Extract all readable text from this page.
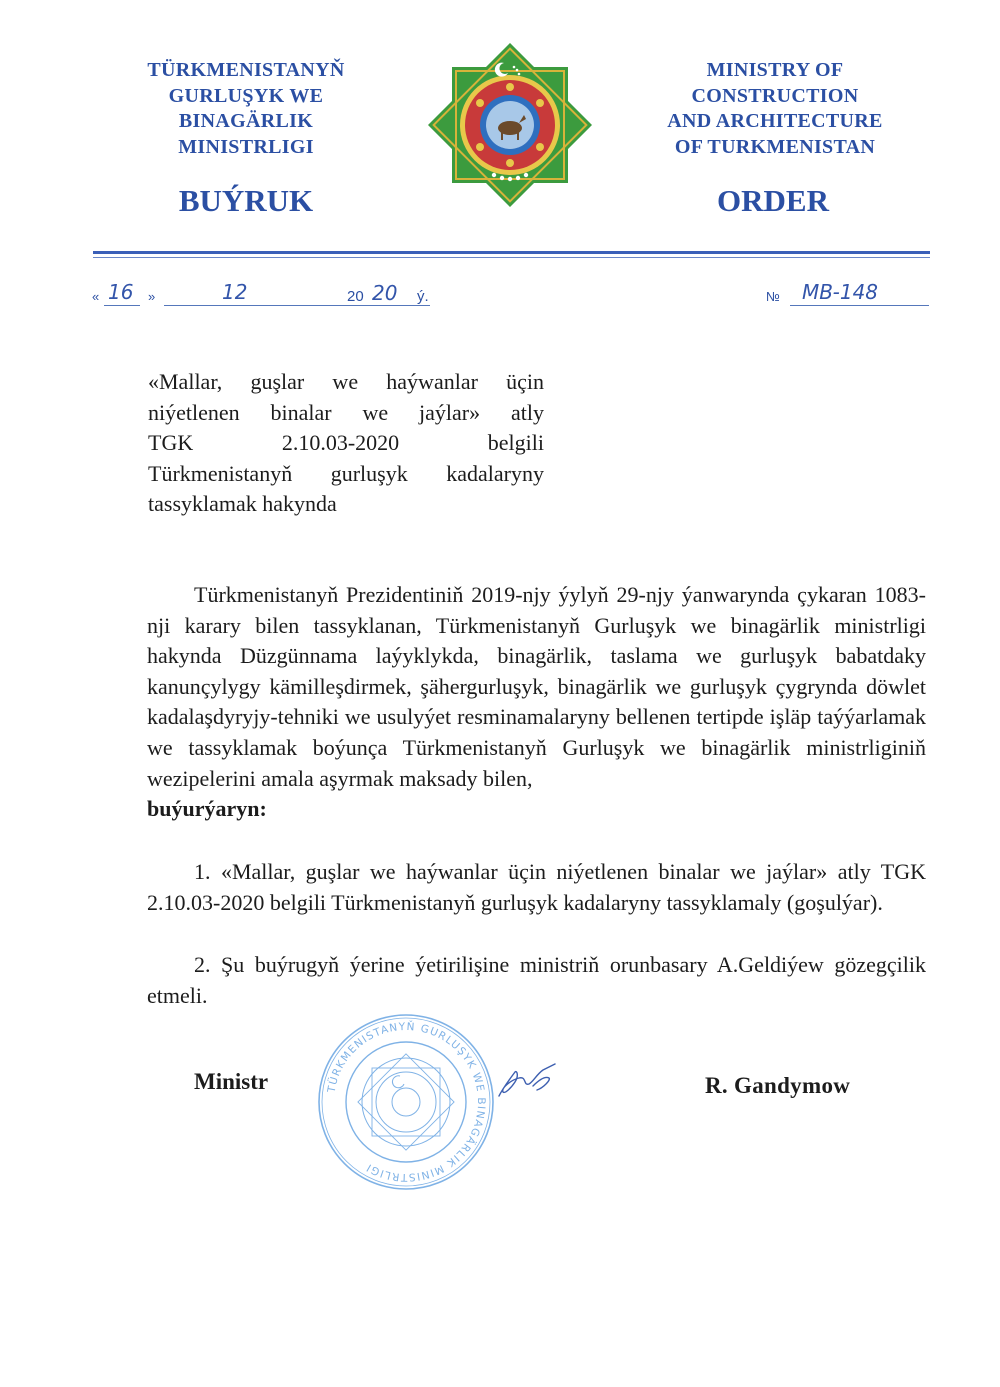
TÜRKMENISTANYŇ
GURLUŞYK WE
BINAGÄRLIK
MINISTRLIGI
BUÝRUK
MINISTRY OF
CONSTRUCTION
AND ARCHITECTURE
OF TURKMENISTAN
ORDER
« 16 »	12	20 20 ý.	№ MB-148
«Mallar, guşlar we haýwanlar üçin
niýetlenen binalar we jaýlar» atly
TGK 2.10.03-2020 belgili
Türkmenistanyň gurluşyk kadalaryny
tassyklamak hakynda

Türkmenistanyň Prezidentiniň 2019-njy ýylyň 29-njy ýanwarynda çykaran 1083-nji karary bilen tassyklanan, Türkmenistanyň Gurluşyk we binagärlik ministrligi hakynda Düzgünnama laýyklykda, binagärlik, taslama we gurluşyk babatdaky kanunçylygy kämilleşdirmek, şähergurluşyk, binagärlik we gurluşyk çygrynda döwlet kadalaşdyryjy-tehniki we usulyýet resminamalaryny bellenen tertipde işläp taýýarlamak we tassyklamak boýunça Türkmenistanyň Gurluşyk we binagärlik ministrliginiň wezipelerini amala aşyrmak maksady bilen,
buýurýaryn:

1. «Mallar, guşlar we haýwanlar üçin niýetlenen binalar we jaýlar» atly TGK 2.10.03-2020 belgili Türkmenistanyň gurluşyk kadalaryny tassyklamaly (goşulýar).

2. Şu buýrugyň ýerine ýetirilişine ministriň orunbasary A.Geldiýew gözegçilik etmeli.

Ministr	TÜRKMENISTANYŇ GURLUŞYK WE BINAGÄRLIK MINISTRLIGI
R. Gandymow
